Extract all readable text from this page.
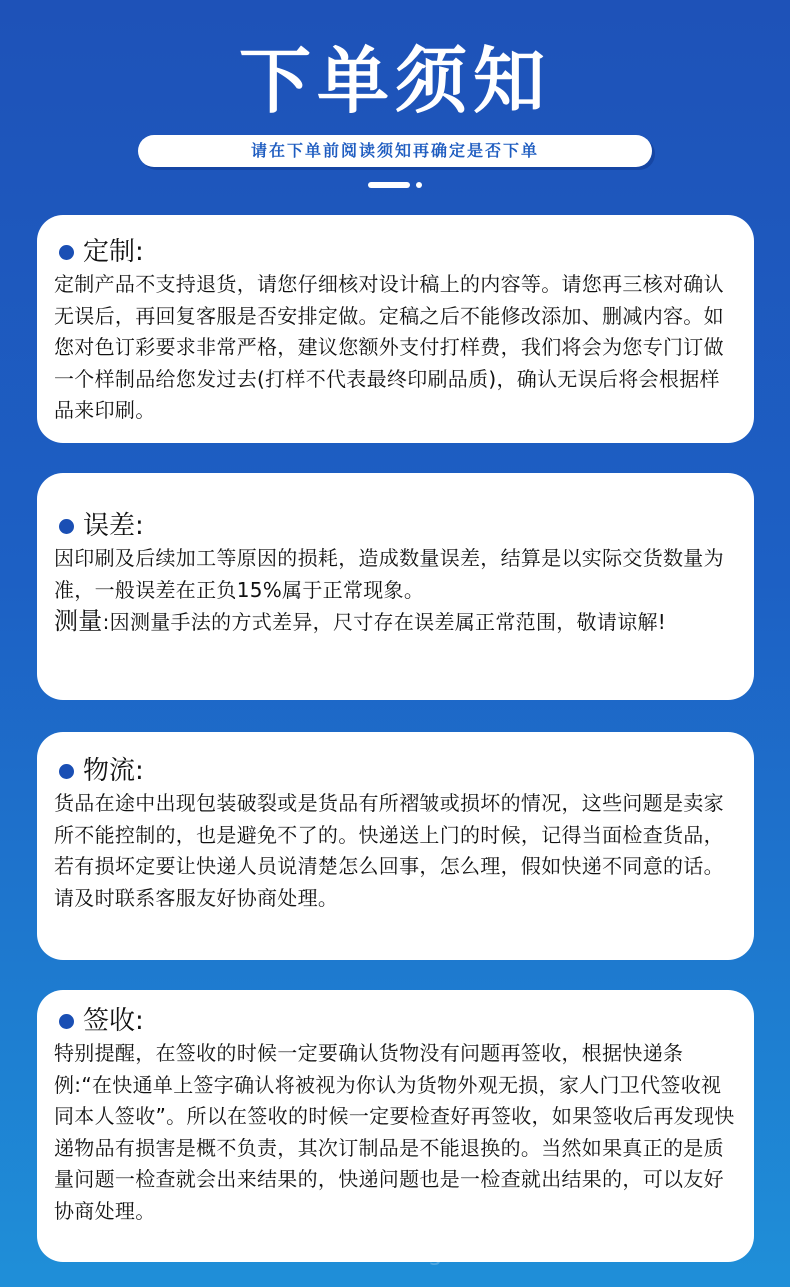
下单须知
请在下单前阅读须知再确定是否下单
定制:

定制产品不支持退货，请您仔细核对设计稿上的内容等。请您再三核对确认无误后，再回复客服是否安排定做。定稿之后不能修改添加、删减内容。如您对色订彩要求非常严格，建议您额外支付打样费，我们将会为您专门订做一个样制品给您发过去(打样不代表最终印刷品质)，确认无误后将会根据样品来印刷。

误差:

因印刷及后续加工等原因的损耗，造成数量误差，结算是以实际交货数量为准，一般误差在正负15%属于正常现象。

测量:因测量手法的方式差异，尺寸存在误差属正常范围，敬请谅解!

物流:

货品在途中出现包装破裂或是货品有所褶皱或损坏的情况，这些问题是卖家所不能控制的，也是避免不了的。快递送上门的时候，记得当面检查货品，若有损坏定要让快递人员说清楚怎么回事，怎么理，假如快递不同意的话。请及时联系客服友好协商处理。

签收:

特别提醒，在签收的时候一定要确认货物没有问题再签收，根据快递条例:“在快通单上签字确认将被视为你认为货物外观无损，家人门卫代签收视同本人签收”。所以在签收的时候一定要检查好再签收，如果签收后再发现快递物品有损害是概不负责，其次订制品是不能退换的。当然如果真正的是质量问题一检查就会出来结果的，快递问题也是一检查就出结果的，可以友好协商处理。

dhgate.com
